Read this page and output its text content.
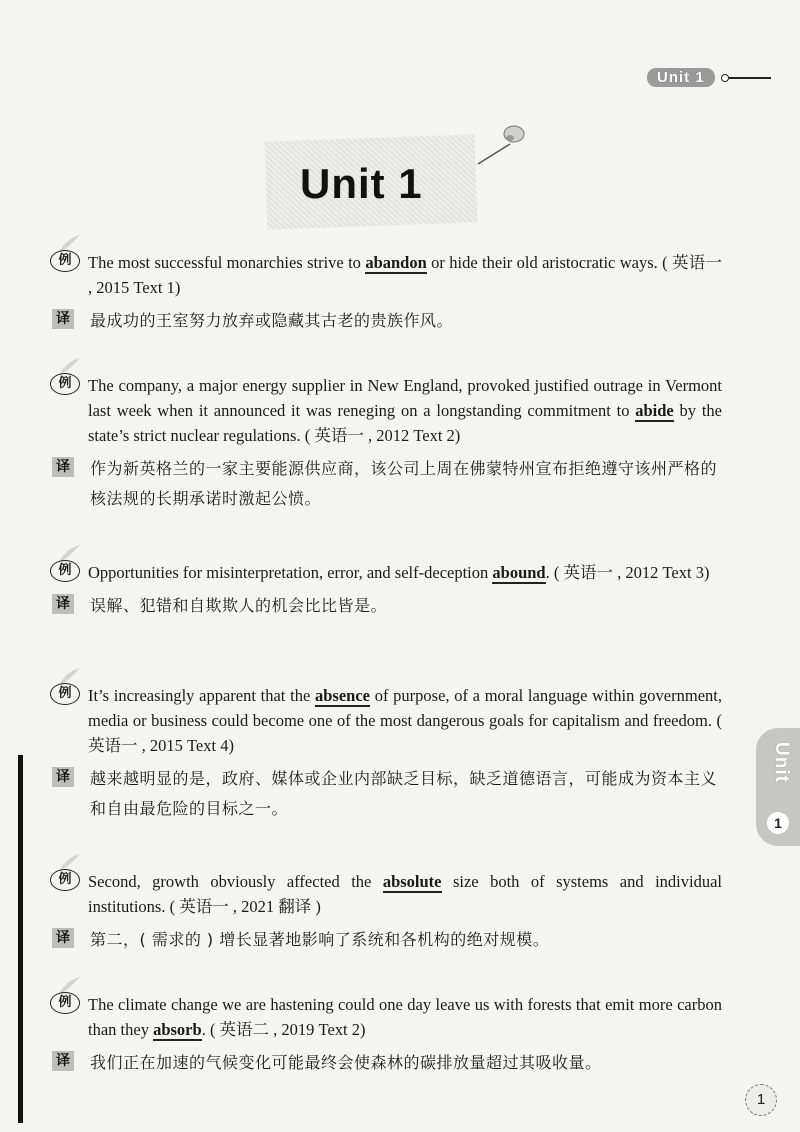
Unit 1
Unit 1
Unit
1
例	The most successful monarchies strive to abandon or hide their old aristocratic ways. ( 英语一 , 2015 Text 1)
译 最成功的王室努力放弃或隐藏其古老的贵族作风。
例	The company, a major energy supplier in New England, provoked justified outrage in Vermont last week when it announced it was reneging on a longstanding commitment to abide by the state’s strict nuclear regulations. ( 英语一 , 2012 Text 2)
译 作为新英格兰的一家主要能源供应商，该公司上周在佛蒙特州宣布拒绝遵守该州严格的核法规的长期承诺时激起公愤。
例	Opportunities for misinterpretation, error, and self-deception abound. ( 英语一 , 2012 Text 3)
译 误解、犯错和自欺欺人的机会比比皆是。
例	It’s increasingly apparent that the absence of purpose, of a moral language within government, media or business could become one of the most dangerous goals for capitalism and freedom. ( 英语一 , 2015 Text 4)
译 越来越明显的是，政府、媒体或企业内部缺乏目标，缺乏道德语言，可能成为资本主义和自由最危险的目标之一。
例	Second, growth obviously affected the absolute size both of systems and individual institutions. ( 英语一 , 2021 翻译 )
译 第二，( 需求的 ) 增长显著地影响了系统和各机构的绝对规模。
例	The climate change we are hastening could one day leave us with forests that emit more carbon than they absorb. ( 英语二 , 2019 Text 2)
译 我们正在加速的气候变化可能最终会使森林的碳排放量超过其吸收量。
1
